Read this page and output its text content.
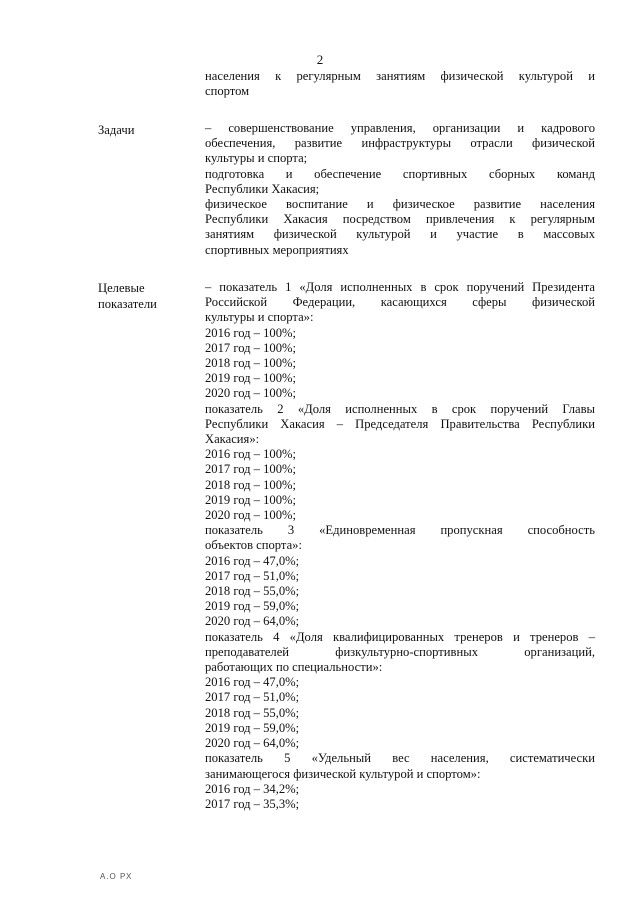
2
населения к регулярным занятиям физической культурой и
спортом
Задачи	– совершенствование управления, организации и кадрового
обеспечения, развитие инфраструктуры отрасли физической
культуры и спорта;
подготовка и обеспечение спортивных сборных команд
Республики Хакасия;
физическое воспитание и физическое развитие населения
Республики Хакасия посредством привлечения к регулярным
занятиям физической культурой и участие в массовых
спортивных мероприятиях
Целевые
показатели
– показатель 1 «Доля исполненных в срок поручений Президента
Российской Федерации, касающихся сферы физической
культуры и спорта»:
2016 год – 100%;
2017 год – 100%;
2018 год – 100%;
2019 год – 100%;
2020 год – 100%;
показатель 2 «Доля исполненных в срок поручений Главы
Республики Хакасия – Председателя Правительства Республики
Хакасия»:
2016 год – 100%;
2017 год – 100%;
2018 год – 100%;
2019 год – 100%;
2020 год – 100%;
показатель 3 «Единовременная пропускная способность
объектов спорта»:
2016 год – 47,0%;
2017 год – 51,0%;
2018 год – 55,0%;
2019 год – 59,0%;
2020 год – 64,0%;
показатель 4 «Доля квалифицированных тренеров и тренеров –
преподавателей физкультурно-спортивных организаций,
работающих по специальности»:
2016 год – 47,0%;
2017 год – 51,0%;
2018 год – 55,0%;
2019 год – 59,0%;
2020 год – 64,0%;
показатель 5 «Удельный вес населения, систематически
занимающегося физической культурой и спортом»:
2016 год – 34,2%;
2017 год – 35,3%;
А.О РХ
